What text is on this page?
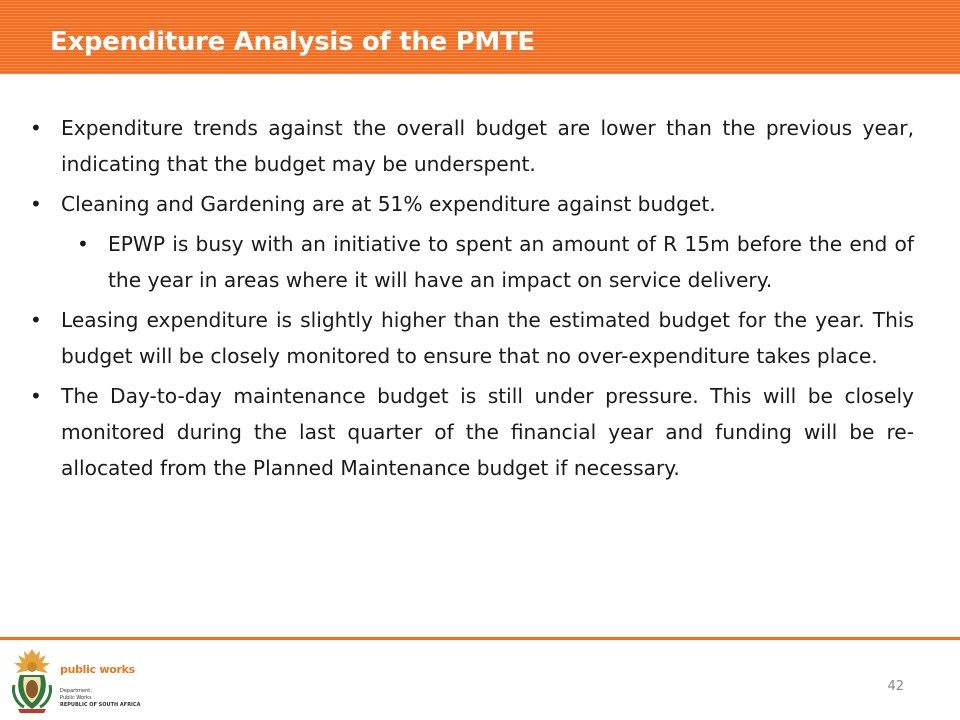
Expenditure Analysis of the PMTE
• Expenditure trends against the overall budget are lower than the previous year, indicating that the budget may be underspent.
• Cleaning and Gardening are at 51% expenditure against budget.
• EPWP is busy with an initiative to spent an amount of R 15m before the end of the year in areas where it will have an impact on service delivery.
• Leasing expenditure is slightly higher than the estimated budget for the year. This budget will be closely monitored to ensure that no over-expenditure takes place.
• The Day-to-day maintenance budget is still under pressure. This will be closely monitored during the last quarter of the financial year and funding will be re-allocated from the Planned Maintenance budget if necessary.
public works
Department:
Public Works
REPUBLIC OF SOUTH AFRICA
42
